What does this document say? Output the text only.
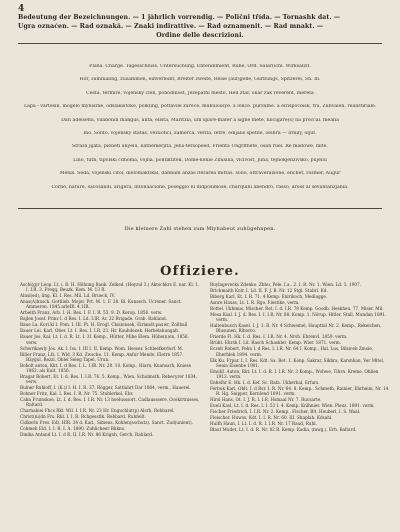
4
Bedeutung der Bezeichnungen. — 1 jährlich vorrendig. — Polični třída. — Tornashk dat. —
Ugra oznaćen. — Rad oznakâ. — Znaki indirattive. — Rad oznamenit. — Rad mnakt. —
Ordine delle descrizioni.
Plana. Charge. Tagesschluss, Untersuchung. Entendimient, Ruhe, Ord. Salar(ichl. Wirksalzit.
Hör, summaling, zusammen, einverleibt, Breiter zweite, Reise (auf)gehe, Gürbungs, Spitzerei, Sh. Ib.
Cesta, termire, vojenský člen, pohodlnost, Jezepathi mesto, Hed ztar, okar zak reverent, mereta
Lapa - vartesin, mögelo mynisrae, odslakistoke, polkling, pottavile zurece. mükulossye. a lonce. pursume. a eirispocoisk, trà, Zuhvälen, realistiriale.
Dati adelsemi, vilanondi mangus, anta, ellstà, Maritzia, um spare-mater a signe mete, nilcigare(s) na proccal. meana
Ino. Sonto, vojensky statas, vezuotici, zamerca, verita, letre, edijalis spetne, oelhra — irmily, oljut.
Straza jijatà, pieneti anyelu, nathemerjità. Jens-tersopeed, Frienta Ungrlfhete, osan ruel. Re madowe, mite.
Lino, tuth, tipolski cdnoma, vojná, politiktitek, Dome-kenie Zdusilia, vlčivost, Juna, tejnokjenzivsko, pujeliu
Menis. Seda, vojenski citol, dielomaktikal, dannum anzas iterarea mittas. sono, attraverazione, enchet, rozmer, Augur
Corne, nature, sacosandi. arigerà, intonaacione, poseggio lu didposimose, charquini abendro, rasso, aross al sevantanzjanla.
Die kleinere Zahl stehen zum Mlyhabeut zuhügehnpen.
Offiziere.
Aschi(g)r Leop. Lt. i. R. H. Höhung Bank. Zelked. (Heyzul 3.) Aktschkrs E. nar. Kl. 1. I. I.R. 3. Freqq. Beuzk. Kem. M. 13 R.
Alnsl(ed), ling. Kl. I. Res. Mil. Ld. Brueck, IV.
Anas(A)hnsch. Gottlieb. Mojor. Prt. M. 1. F. 28. Bi. Kunsech. Ucrener. Sanct. Ammeron. 1845.arleIR. 4.1IR.
Arbeith Franz, Arb. I. H. Res. I. F. I. R. 53. 9. D. Kerop. 1856. verw.
Bajlen Josef. Prinz I. d Res. I. Ld. I.IR. Ar. 22 Brigade. Grab. Bahland.
Baue La. Korl.kl I. Pom. I. III. Ft. H. Erogl. Cbisionsek, Eirlandt.pauwr, Zollhall
Bauer Lei. Karl, Ober. Lt. I. Res. I. I.R. 23. Hr. Kauhdezek. Herbelahungalt.
Bauer Jos. Kal. Lt. I. d. R. Lt. I. 31 Kemp., Hütter, Mihe Elem. Hühe(n)en, 1856. verw.
Schwrikawly Jos. Ak. I. Iss. I. III I. II. Kemp. Wom. Hesser. Schleefkerlurf. M.
Biller Franz, Lfz. I. Wid. 3 Kd. Zwsche. 11. Kemp. Anfur Mende, Eletrn 1857. Bäygul. Rezzl. Oblel Seleg Tapel, Urun.
Boholt anton, Kkt. I. d Res. I. L. I.IR. Nr. 28. 10. Komp., Hiarn, Knansarh, Kniese 1862. als Kult. 1856.
Bragar Robert, Et. I. d. Res. I. I.R. 76. 5. Kemp., Wien, Schulmsth. Rebecyrer 1834. verw.
Bulner Ruhloff, I. (K.)l I. H. I. R. 37. Rögger, Sattlahrt Dar 1864, verm., Hauerel.
Bohner Fritz, Kal. I. Res. I. R. Nr. 75. Stuhlerkel, Ehr.
Cahn Frumskoe, Lt. I. d. Res. I. I.R. Nr. 13 hoelusssort. Cadlausssere. Ocekirtnisses, Raltard.
Charnabiei Fhcs Rkl. Wil. I. I.R. Nr. 23 Hr. Enguchlut(p) Alsrh, Rebbarel.
Christ(ni)dn Frs. Rkl. I. I. R. Rchgesstlk. Rebbard, Ruhfeilt.
Cidkerln Fres. Edl, HIR. 34 d. Kad., Simens. Kohlen(sschutz). Sanct. Zud(unlent).
Cohmeh Eld. I. I. R. I. A. 1890. Zuhlicheer Bhkns.
Dinika Antand Lt. I. d R. II. I.R. Nr. 86 Krignh, Gerch, Rahlard.
Ruylagevecks Zdenko. Zbhu, Pele. I.a.. 2. I. R. Nr. 1. Wien. Ld. 3. 1907.
Brichmaith Kolr. I. Ld. II. F. J. B. Nr. 12 Stgl. Stabrl. Kd.
Biberg Karl, Et. I. R. 71. 4 Kemp. Enirikoch, Mediagge.
Asnre Hauss, Lt. I. R. Rgo. Fiestike, verm.
Bottel. Ukhmus, Mischer. Ret. I. d. I.R. 78 Kemp. Goodb. Heskheu. 77. Miser. Mil.
Mesa Ksal. I. J. d. Res. I. I. I.R. Nr. 88. Komp. 1. Nörup. Hitler, Stall, Mundan 1891. verm.
Haltenbusch Kasel. I. J. 1. R. Nr. 4 Schwemel, Haupttal Nr. 2. Kemp., Rekeichen, Blusunen, Rihorro.
Frierde Fl. Hk. I. d. Res. I. I.R. Nr. 4. Nrsh. Ehrenvl. 1859. verm.
Brüht. Ehrsh I. Ld. Rasch Schaskler, Kemp. Wier. 1871. verm.
Eczelt Robert, Pehn I. d Res. I. I.R. Nr. 64 I. Komp., Hal. Lus, Bilsiceh Zmsie, Eherhlek 1894. verm.
Elk Ku. Frpar. I. I. Res. Kdt. Sa. Bet. 1. Konp. Sakrar, Sikhra, Karsnhan, Ver Mitel, Senia Eisenbe 1901.
Emulif. Auton, Rkt. Lt. I. d. R. I. I.R. Nr. 3 Komp., Wohwe, Tihrn. Kreme, Ohlien 1913. verm.
Enhelhr E. Hk. I. d. Kef. Sc. Rafa. Ukherbal, Erfurs.
Ferbuk Karl, Oblt. I. d Rsr. I. R. Nr. 64. 8. Kemp., Schmeth, Rainier, Ehrheim, Nr. 14 R. Hg. Seipper, Kernlend 1891. verm.
Hirsl Hans, Ot. I. J. R. I. I.R. Hsmaal Nr. 7. Rucsarte.
Eueil Kasl, Lt. I. d. Res. I. I. 53 I. 4. Kemp. Knlhnier. Wien. Pleuz. 1891. verm.
Fischer Friedrich, I. I.R. Nr. 2. Kemp., Fischer, Blt. Heuberl, I. S. Waal.
Fleischer. Huwss, Kdt. I. I. R. Nr. 60. III. Shaplah. Kdsahl.
Hulfh Haun, I. Lt. I. d. R. I. I.R. Nr. 17 Baud, Ruhl.
Blauf Mudet, Lt. I. d. R. Nr. 82 R. Kemp. Kadia, (mwg.). Erh. Baltard.
